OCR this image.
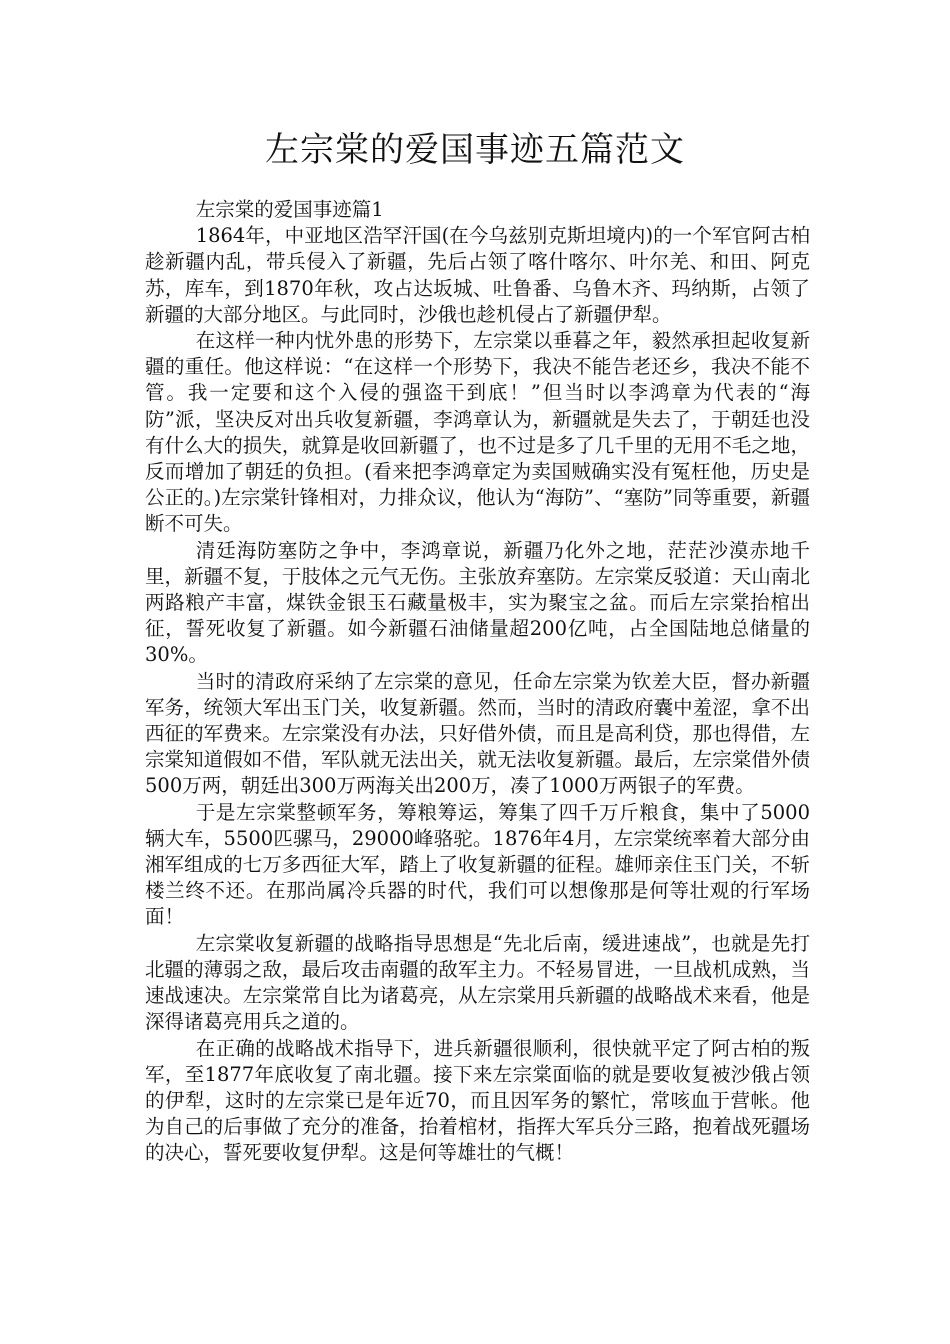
左宗棠的爱国事迹五篇范文

左宗棠的爱国事迹篇1

1864年，中亚地区浩罕汗国(在今乌兹别克斯坦境内)的一个军官阿古柏趁新疆内乱，带兵侵入了新疆，先后占领了喀什喀尔、叶尔羌、和田、阿克苏，库车，到1870年秋，攻占达坂城、吐鲁番、乌鲁木齐、玛纳斯，占领了新疆的大部分地区。与此同时，沙俄也趁机侵占了新疆伊犁。

在这样一种内忧外患的形势下，左宗棠以垂暮之年，毅然承担起收复新疆的重任。他这样说：“在这样一个形势下，我决不能告老还乡，我决不能不管。我一定要和这个入侵的强盗干到底！”但当时以李鸿章为代表的“海防”派，坚决反对出兵收复新疆，李鸿章认为，新疆就是失去了，于朝廷也没有什么大的损失，就算是收回新疆了，也不过是多了几千里的无用不毛之地，反而增加了朝廷的负担。(看来把李鸿章定为卖国贼确实没有冤枉他，历史是公正的。)左宗棠针锋相对，力排众议，他认为“海防”、“塞防”同等重要，新疆断不可失。

清廷海防塞防之争中，李鸿章说，新疆乃化外之地，茫茫沙漠赤地千里，新疆不复，于肢体之元气无伤。主张放弃塞防。左宗棠反驳道：天山南北两路粮产丰富，煤铁金银玉石藏量极丰，实为聚宝之盆。而后左宗棠抬棺出征，誓死收复了新疆。如今新疆石油储量超200亿吨，占全国陆地总储量的30%。

当时的清政府采纳了左宗棠的意见，任命左宗棠为钦差大臣，督办新疆军务，统领大军出玉门关，收复新疆。然而，当时的清政府囊中羞涩，拿不出西征的军费来。左宗棠没有办法，只好借外债，而且是高利贷，那也得借，左宗棠知道假如不借，军队就无法出关，就无法收复新疆。最后，左宗棠借外债500万两，朝廷出300万两海关出200万，凑了1000万两银子的军费。

于是左宗棠整顿军务，筹粮筹运，筹集了四千万斤粮食，集中了5000辆大车，5500匹骡马，29000峰骆驼。1876年4月，左宗棠统率着大部分由湘军组成的七万多西征大军，踏上了收复新疆的征程。雄师亲住玉门关，不斩楼兰终不还。在那尚属冷兵器的时代，我们可以想像那是何等壮观的行军场面！

左宗棠收复新疆的战略指导思想是“先北后南，缓进速战”，也就是先打北疆的薄弱之敌，最后攻击南疆的敌军主力。不轻易冒进，一旦战机成熟，当速战速决。左宗棠常自比为诸葛亮，从左宗棠用兵新疆的战略战术来看，他是深得诸葛亮用兵之道的。

在正确的战略战术指导下，进兵新疆很顺利，很快就平定了阿古柏的叛军，至1877年底收复了南北疆。接下来左宗棠面临的就是要收复被沙俄占领的伊犁，这时的左宗棠已是年近70，而且因军务的繁忙，常咳血于营帐。他为自己的后事做了充分的准备，抬着棺材，指挥大军兵分三路，抱着战死疆场的决心，誓死要收复伊犁。这是何等雄壮的气概！
